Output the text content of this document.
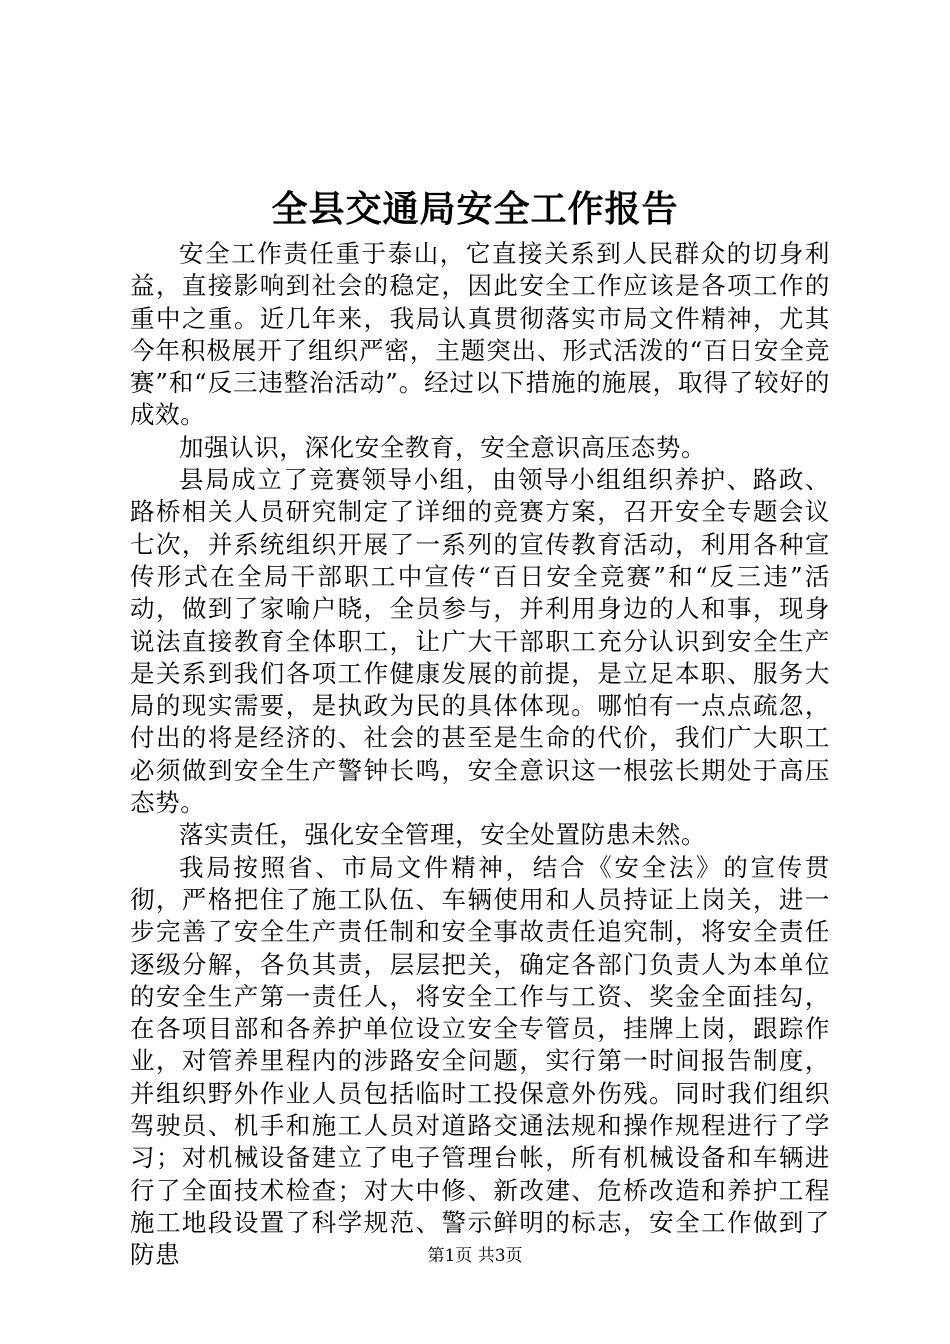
全县交通局安全工作报告

安全工作责任重于泰山，它直接关系到人民群众的切身利益，直接影响到社会的稳定，因此安全工作应该是各项工作的重中之重。近几年来，我局认真贯彻落实市局文件精神，尤其今年积极展开了组织严密，主题突出、形式活泼的“百日安全竞赛”和“反三违整治活动”。经过以下措施的施展，取得了较好的成效。

加强认识，深化安全教育，安全意识高压态势。

县局成立了竞赛领导小组，由领导小组组织养护、路政、路桥相关人员研究制定了详细的竞赛方案，召开安全专题会议七次，并系统组织开展了一系列的宣传教育活动，利用各种宣传形式在全局干部职工中宣传“百日安全竞赛”和“反三违”活动，做到了家喻户晓，全员参与，并利用身边的人和事，现身说法直接教育全体职工，让广大干部职工充分认识到安全生产是关系到我们各项工作健康发展的前提，是立足本职、服务大局的现实需要，是执政为民的具体体现。哪怕有一点点疏忽，付出的将是经济的、社会的甚至是生命的代价，我们广大职工必须做到安全生产警钟长鸣，安全意识这一根弦长期处于高压态势。

落实责任，强化安全管理，安全处置防患未然。

我局按照省、市局文件精神，结合《安全法》的宣传贯彻，严格把住了施工队伍、车辆使用和人员持证上岗关，进一步完善了安全生产责任制和安全事故责任追究制，将安全责任逐级分解，各负其责，层层把关，确定各部门负责人为本单位的安全生产第一责任人，将安全工作与工资、奖金全面挂勾，在各项目部和各养护单位设立安全专管员，挂牌上岗，跟踪作业，对管养里程内的涉路安全问题，实行第一时间报告制度，并组织野外作业人员包括临时工投保意外伤残。同时我们组织驾驶员、机手和施工人员对道路交通法规和操作规程进行了学习；对机械设备建立了电子管理台帐，所有机械设备和车辆进行了全面技术检查；对大中修、新改建、危桥改造和养护工程施工地段设置了科学规范、警示鲜明的标志，安全工作做到了防患	第1页 共3页
